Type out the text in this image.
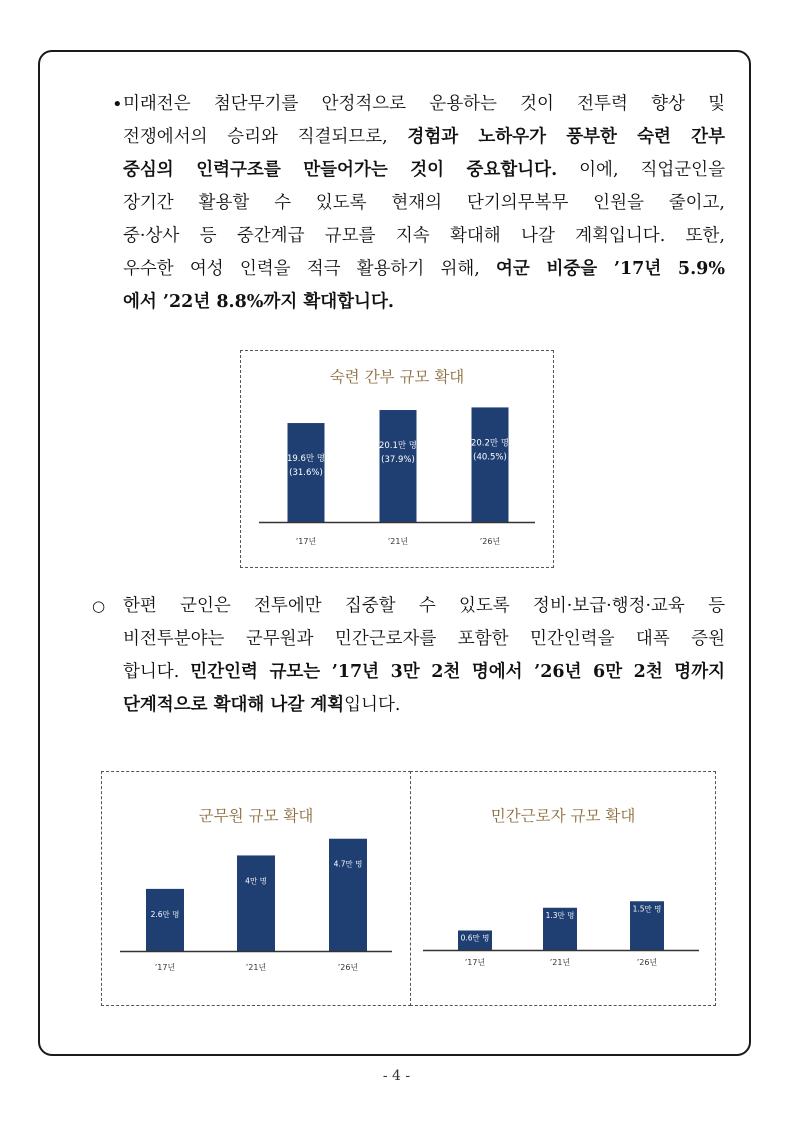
• 미래전은 첨단무기를 안정적으로 운용하는 것이 전투력 향상 및
전쟁에서의 승리와 직결되므로, 경험과 노하우가 풍부한 숙련 간부
중심의 인력구조를 만들어가는 것이 중요합니다. 이에, 직업군인을
장기간 활용할 수 있도록 현재의 단기의무복무 인원을 줄이고,
중·상사 등 중간계급 규모를 지속 확대해 나갈 계획입니다. 또한,
우수한 여성 인력을 적극 활용하기 위해, 여군 비중을 ’17년 5.9%
에서 ’22년 8.8%까지 확대합니다.
숙련 간부 규모 확대
19.6만 명
(31.6%)
’17년
20.1만 명
(37.9%)
’21년
20.2만 명
(40.5%)
’26년
○ 한편 군인은 전투에만 집중할 수 있도록 정비·보급·행정·교육 등
비전투분야는 군무원과 민간근로자를 포함한 민간인력을 대폭 증원
합니다. 민간인력 규모는 ’17년 3만 2천 명에서 ’26년 6만 2천 명까지
단계적으로 확대해 나갈 계획입니다.
군무원 규모 확대
2.6만 명
’17년
4만 명
’21년
4.7만 명
’26년
민간근로자 규모 확대
0.6만 명
’17년
1.3만 명
’21년
1.5만 명
’26년
- 4 -
